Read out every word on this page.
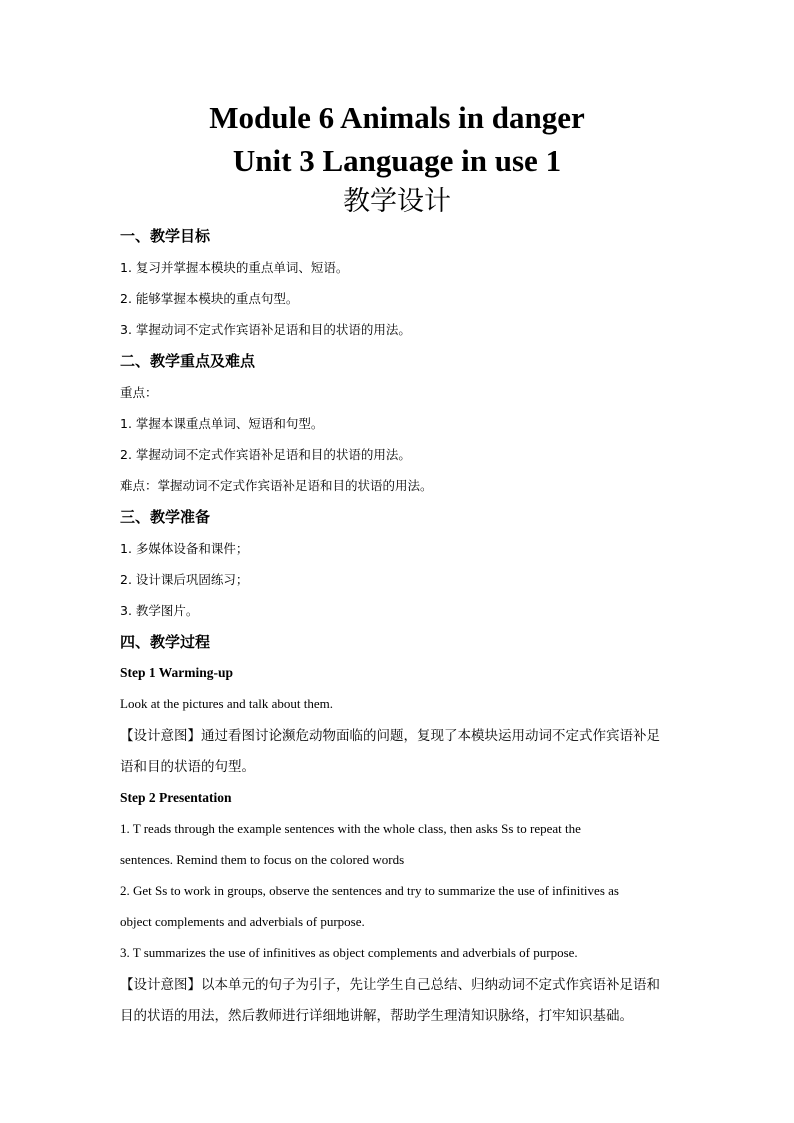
Module 6 Animals in danger
Unit 3 Language in use 1
教学设计
一、教学目标
1. 复习并掌握本模块的重点单词、短语。
2. 能够掌握本模块的重点句型。
3. 掌握动词不定式作宾语补足语和目的状语的用法。
二、教学重点及难点
重点：
1. 掌握本课重点单词、短语和句型。
2. 掌握动词不定式作宾语补足语和目的状语的用法。
难点：掌握动词不定式作宾语补足语和目的状语的用法。
三、教学准备
1. 多媒体设备和课件；
2. 设计课后巩固练习；
3. 教学图片。
四、教学过程
Step 1 Warming-up
Look at the pictures and talk about them.
【设计意图】通过看图讨论濒危动物面临的问题，复现了本模块运用动词不定式作宾语补足
语和目的状语的句型。
Step 2 Presentation
1. T reads through the example sentences with the whole class, then asks Ss to repeat the
sentences. Remind them to focus on the colored words
2. Get Ss to work in groups, observe the sentences and try to summarize the use of infinitives as
object complements and adverbials of purpose.
3. T summarizes the use of infinitives as object complements and adverbials of purpose.
【设计意图】以本单元的句子为引子，先让学生自己总结、归纳动词不定式作宾语补足语和
目的状语的用法，然后教师进行详细地讲解，帮助学生理清知识脉络，打牢知识基础。
